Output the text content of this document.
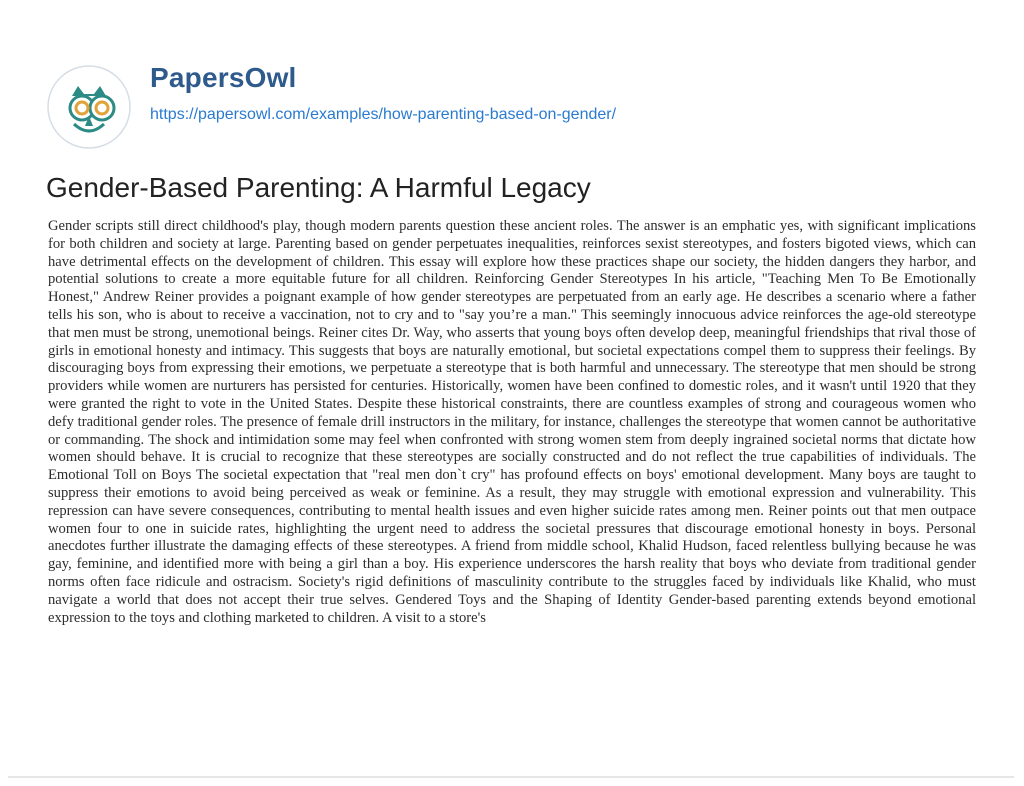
PapersOwl
https://papersowl.com/examples/how-parenting-based-on-gender/
Gender-Based Parenting: A Harmful Legacy

Gender scripts still direct childhood's play, though modern parents question these ancient roles. The answer is an emphatic yes, with significant implications for both children and society at large. Parenting based on gender perpetuates inequalities, reinforces sexist stereotypes, and fosters bigoted views, which can have detrimental effects on the development of children. This essay will explore how these practices shape our society, the hidden dangers they harbor, and potential solutions to create a more equitable future for all children. Reinforcing Gender Stereotypes In his article, "Teaching Men To Be Emotionally Honest," Andrew Reiner provides a poignant example of how gender stereotypes are perpetuated from an early age. He describes a scenario where a father tells his son, who is about to receive a vaccination, not to cry and to "say you’re a man." This seemingly innocuous advice reinforces the age-old stereotype that men must be strong, unemotional beings. Reiner cites Dr. Way, who asserts that young boys often develop deep, meaningful friendships that rival those of girls in emotional honesty and intimacy. This suggests that boys are naturally emotional, but societal expectations compel them to suppress their feelings. By discouraging boys from expressing their emotions, we perpetuate a stereotype that is both harmful and unnecessary. The stereotype that men should be strong providers while women are nurturers has persisted for centuries. Historically, women have been confined to domestic roles, and it wasn't until 1920 that they were granted the right to vote in the United States. Despite these historical constraints, there are countless examples of strong and courageous women who defy traditional gender roles. The presence of female drill instructors in the military, for instance, challenges the stereotype that women cannot be authoritative or commanding. The shock and intimidation some may feel when confronted with strong women stem from deeply ingrained societal norms that dictate how women should behave. It is crucial to recognize that these stereotypes are socially constructed and do not reflect the true capabilities of individuals. The Emotional Toll on Boys The societal expectation that "real men don`t cry" has profound effects on boys' emotional development. Many boys are taught to suppress their emotions to avoid being perceived as weak or feminine. As a result, they may struggle with emotional expression and vulnerability. This repression can have severe consequences, contributing to mental health issues and even higher suicide rates among men. Reiner points out that men outpace women four to one in suicide rates, highlighting the urgent need to address the societal pressures that discourage emotional honesty in boys. Personal anecdotes further illustrate the damaging effects of these stereotypes. A friend from middle school, Khalid Hudson, faced relentless bullying because he was gay, feminine, and identified more with being a girl than a boy. His experience underscores the harsh reality that boys who deviate from traditional gender norms often face ridicule and ostracism. Society's rigid definitions of masculinity contribute to the struggles faced by individuals like Khalid, who must navigate a world that does not accept their true selves. Gendered Toys and the Shaping of Identity Gender-based parenting extends beyond emotional expression to the toys and clothing marketed to children. A visit to a store's
